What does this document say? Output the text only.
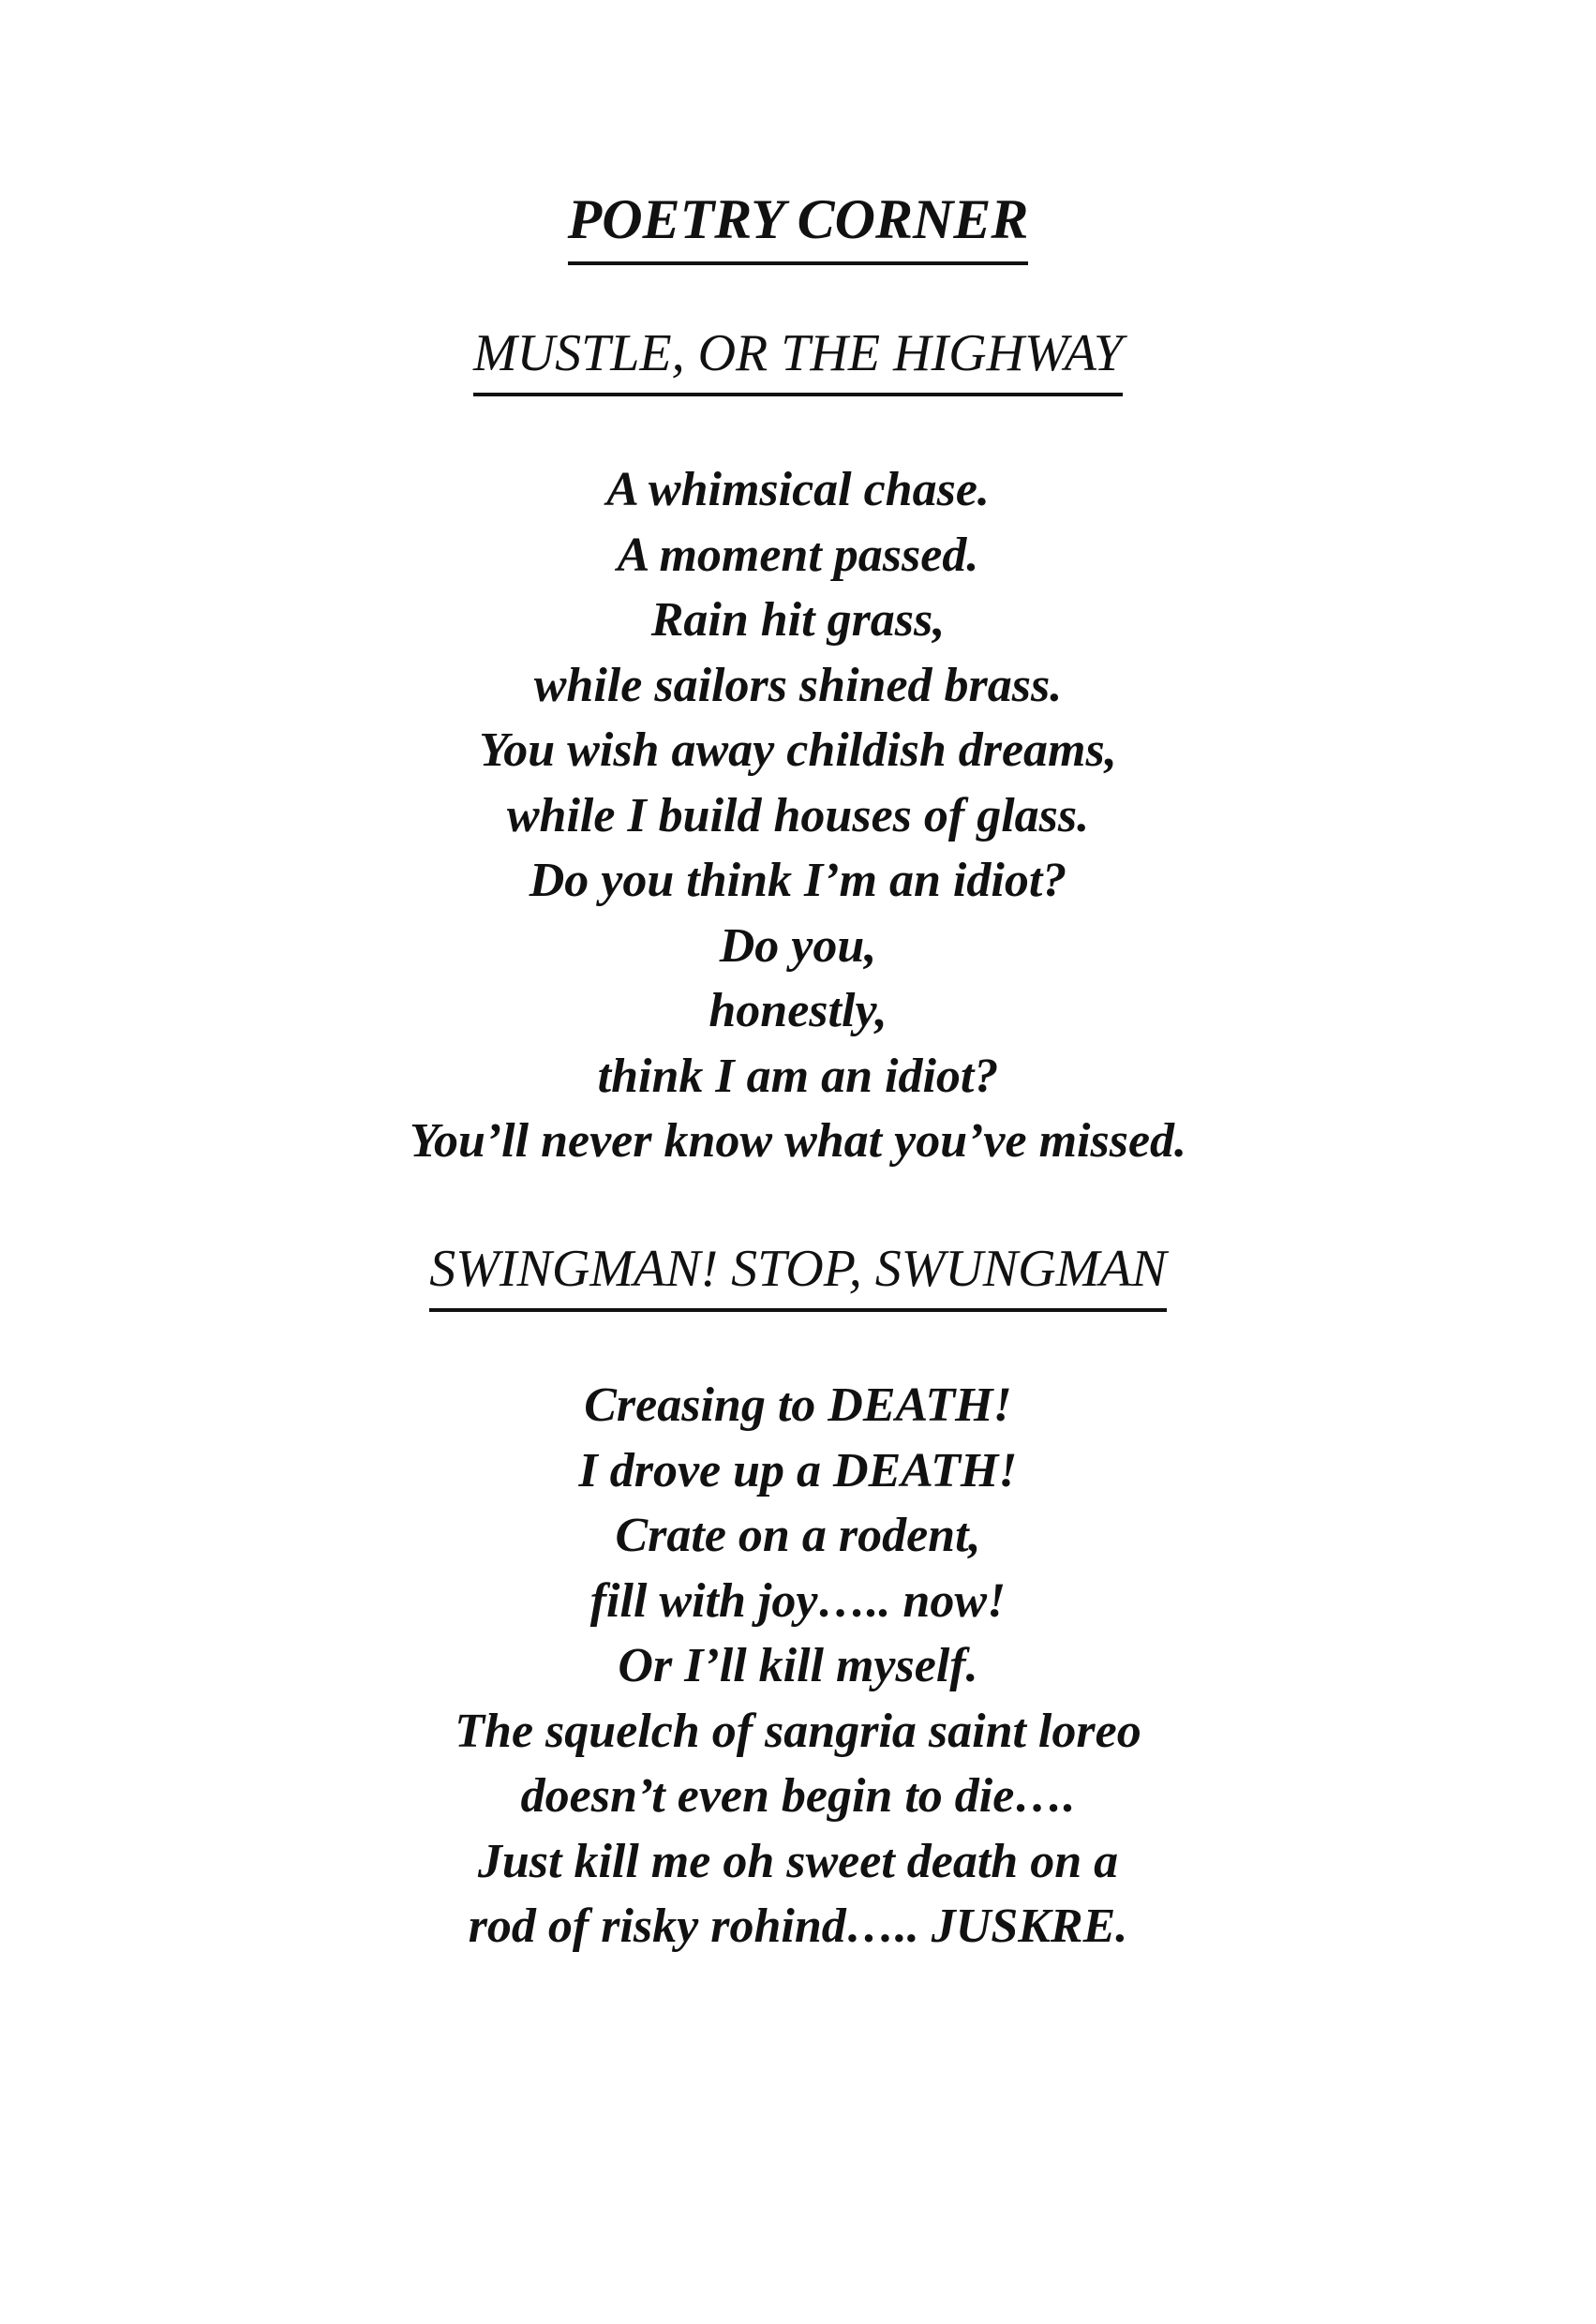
POETRY CORNER
MUSTLE, OR THE HIGHWAY
A whimsical chase.
A moment passed.
Rain hit grass,
while sailors shined brass.
You wish away childish dreams,
while I build houses of glass.
Do you think I’m an idiot?
Do you,
honestly,
think I am an idiot?
You’ll never know what you’ve missed.
SWINGMAN! STOP, SWUNGMAN
Creasing to DEATH!
I drove up a DEATH!
Crate on a rodent,
fill with joy….. now!
Or I’ll kill myself.
The squelch of sangria saint loreo
doesn’t even begin to die….
Just kill me oh sweet death on a
rod of risky rohind….. JUSKRE.
